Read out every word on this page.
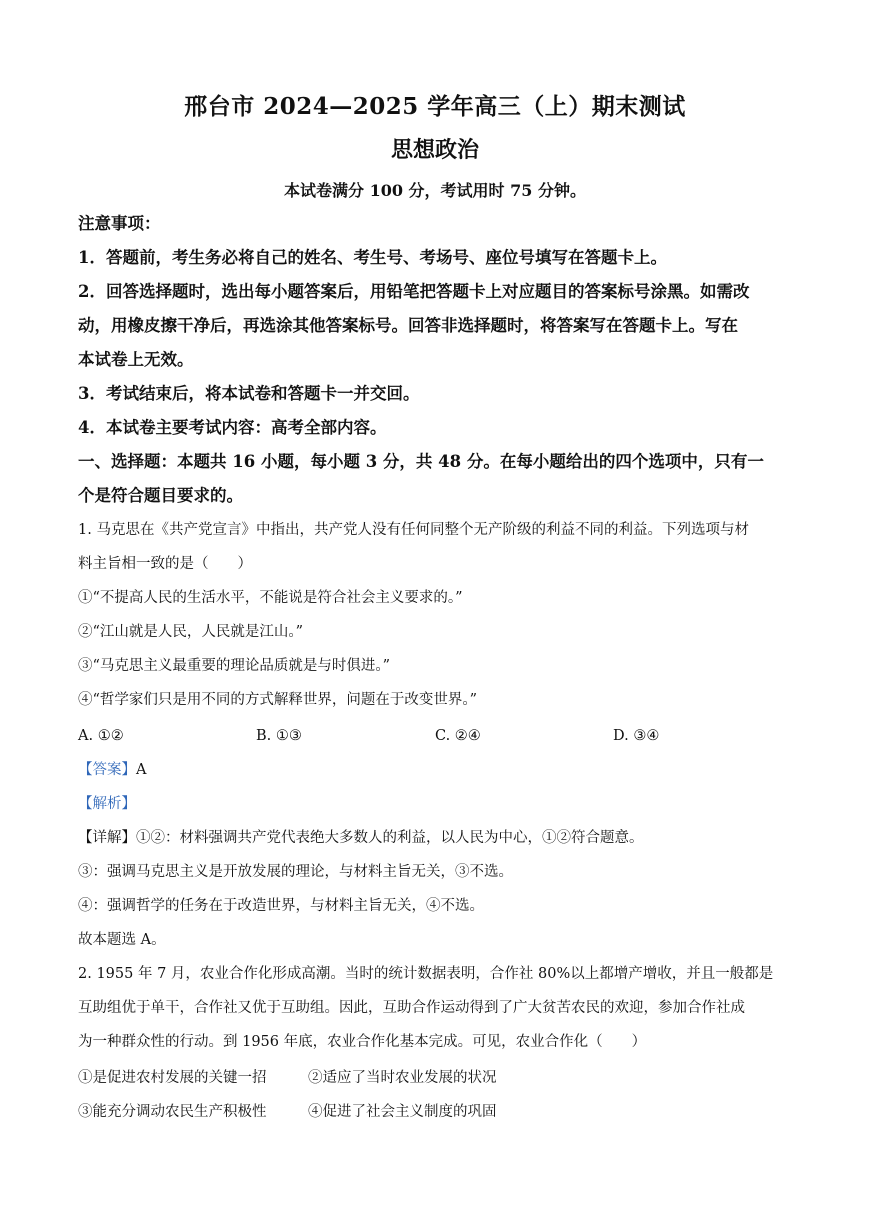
邢台市 2024—2025 学年高三（上）期末测试
思想政治
本试卷满分 100 分，考试用时 75 分钟。
注意事项：
1．答题前，考生务必将自己的姓名、考生号、考场号、座位号填写在答题卡上。
2．回答选择题时，选出每小题答案后，用铅笔把答题卡上对应题目的答案标号涂黑。如需改
动，用橡皮擦干净后，再选涂其他答案标号。回答非选择题时，将答案写在答题卡上。写在
本试卷上无效。
3．考试结束后，将本试卷和答题卡一并交回。
4．本试卷主要考试内容：高考全部内容。
一、选择题：本题共 16 小题，每小题 3 分，共 48 分。在每小题给出的四个选项中，只有一
个是符合题目要求的。
1. 马克思在《共产党宣言》中指出，共产党人没有任何同整个无产阶级的利益不同的利益。下列选项与材
料主旨相一致的是（　　）
①“不提高人民的生活水平，不能说是符合社会主义要求的。”
②“江山就是人民，人民就是江山。”
③“马克思主义最重要的理论品质就是与时俱进。”
④“哲学家们只是用不同的方式解释世界，问题在于改变世界。”
A. ①②	B. ①③	C. ②④	D. ③④
【答案】A
【解析】
【详解】①②：材料强调共产党代表绝大多数人的利益，以人民为中心，①②符合题意。
③：强调马克思主义是开放发展的理论，与材料主旨无关，③不选。
④：强调哲学的任务在于改造世界，与材料主旨无关，④不选。
故本题选 A。
2. 1955 年 7 月，农业合作化形成高潮。当时的统计数据表明，合作社 80%以上都增产增收，并且一般都是
互助组优于单干，合作社又优于互助组。因此，互助合作运动得到了广大贫苦农民的欢迎，参加合作社成
为一种群众性的行动。到 1956 年底，农业合作化基本完成。可见，农业合作化（　　）
①是促进农村发展的关键一招	②适应了当时农业发展的状况
③能充分调动农民生产积极性	④促进了社会主义制度的巩固
